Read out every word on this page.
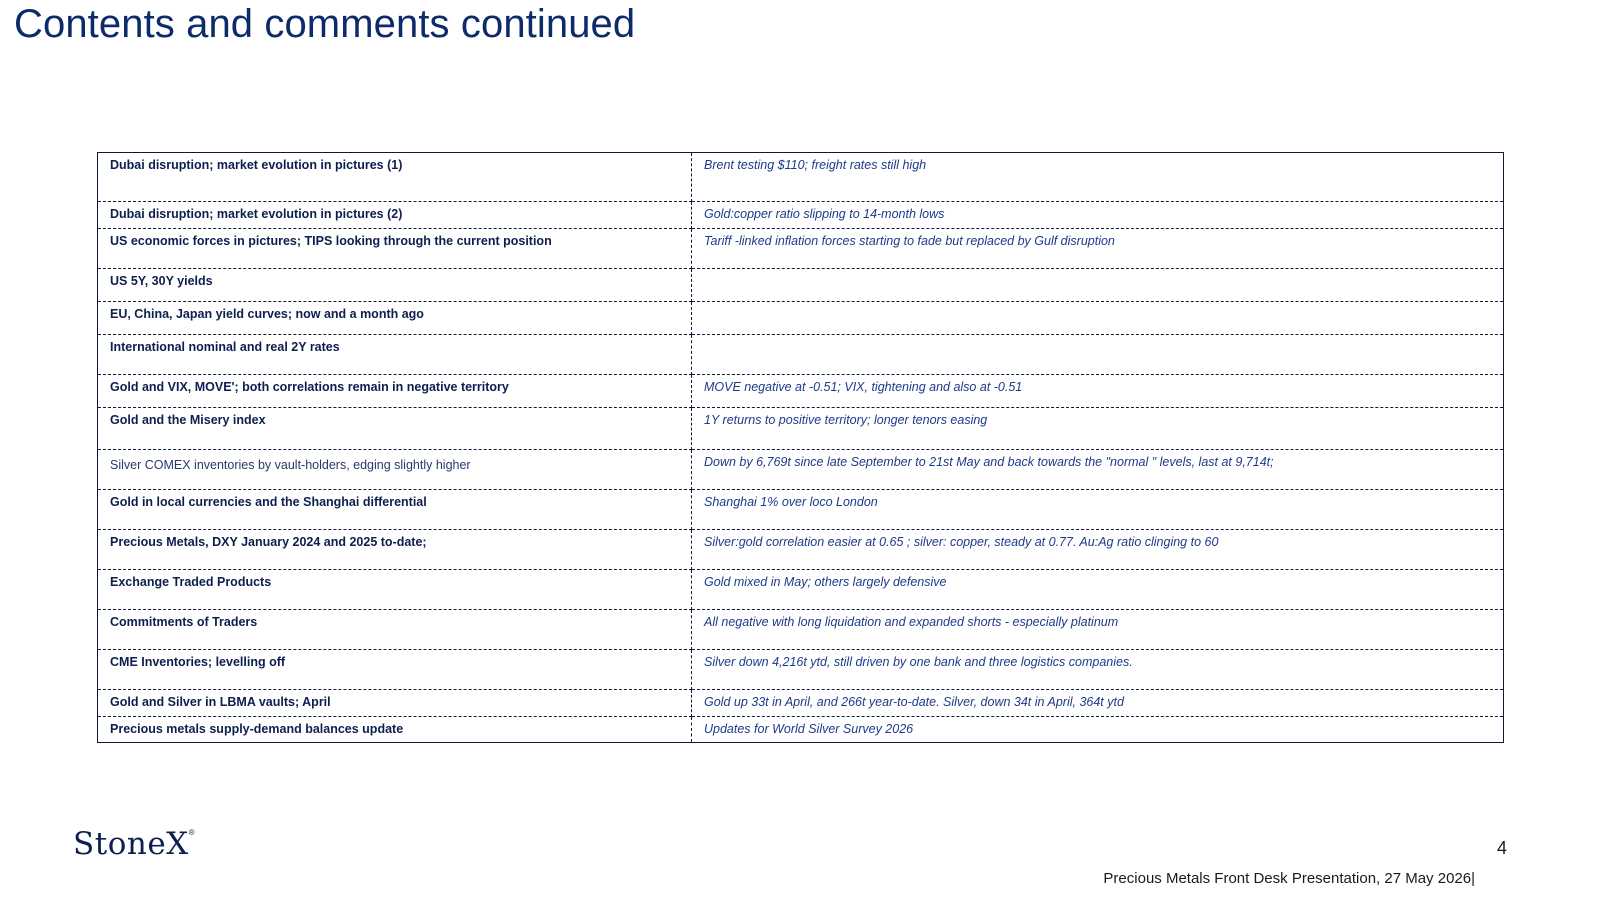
Contents and comments continued
Dubai disruption; market evolution in pictures (1)	Brent testing $110; freight rates still high
Dubai disruption; market evolution in pictures (2)	Gold:copper ratio slipping to 14-month lows
US economic forces in pictures; TIPS looking through the current position	Tariff -linked inflation forces starting to fade but replaced by Gulf disruption
US 5Y, 30Y yields	
EU, China, Japan yield curves; now and a month ago	
International nominal and real 2Y rates	
Gold and VIX, MOVE'; both correlations remain in negative territory	MOVE negative at -0.51; VIX, tightening and also at -0.51
Gold and the Misery index	1Y returns to positive territory; longer tenors easing
Silver COMEX inventories by vault-holders, edging slightly higher	Down by 6,769t since late September to 21st May and back towards the "normal " levels, last at 9,714t;
Gold in local currencies and the Shanghai differential	Shanghai 1% over loco London
Precious Metals, DXY January 2024 and 2025 to-date;	Silver:gold correlation easier at 0.65 ; silver: copper, steady at 0.77. Au:Ag ratio clinging to 60
Exchange Traded Products	Gold mixed in May; others largely defensive
Commitments of Traders	All negative with long liquidation and expanded shorts - especially platinum
CME Inventories; levelling off	Silver down 4,216t ytd, still driven by one bank and three logistics companies.
Gold and Silver in LBMA vaults; April	Gold up 33t in April, and 266t year-to-date. Silver, down 34t in April, 364t ytd
Precious metals supply-demand balances update	Updates for World Silver Survey 2026
StoneX®
4
Precious Metals Front Desk Presentation, 27 May 2026|
